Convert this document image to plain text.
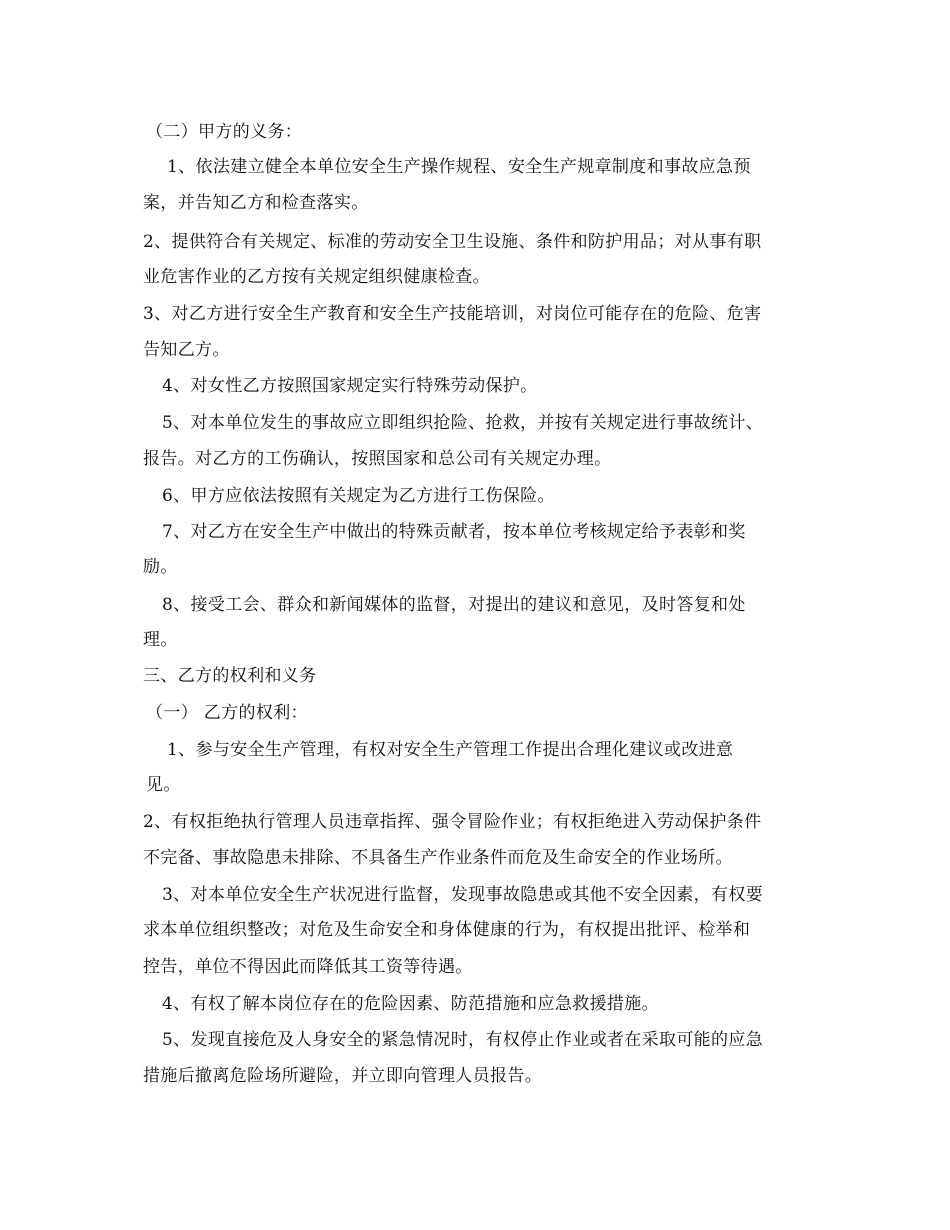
（二）甲方的义务：
1、依法建立健全本单位安全生产操作规程、安全生产规章制度和事故应急预
案，并告知乙方和检查落实。
2、提供符合有关规定、标准的劳动安全卫生设施、条件和防护用品；对从事有职
业危害作业的乙方按有关规定组织健康检查。
3、对乙方进行安全生产教育和安全生产技能培训，对岗位可能存在的危险、危害
告知乙方。
4、对女性乙方按照国家规定实行特殊劳动保护。
5、对本单位发生的事故应立即组织抢险、抢救，并按有关规定进行事故统计、
报告。对乙方的工伤确认，按照国家和总公司有关规定办理。
6、甲方应依法按照有关规定为乙方进行工伤保险。
7、对乙方在安全生产中做出的特殊贡献者，按本单位考核规定给予表彰和奖
励。
8、接受工会、群众和新闻媒体的监督，对提出的建议和意见，及时答复和处
理。
三、乙方的权利和义务
（一） 乙方的权利：
1、参与安全生产管理，有权对安全生产管理工作提出合理化建议或改进意
见。
2、有权拒绝执行管理人员违章指挥、强令冒险作业；有权拒绝进入劳动保护条件
不完备、事故隐患未排除、不具备生产作业条件而危及生命安全的作业场所。
3、对本单位安全生产状况进行监督，发现事故隐患或其他不安全因素，有权要
求本单位组织整改；对危及生命安全和身体健康的行为，有权提出批评、检举和
控告，单位不得因此而降低其工资等待遇。
4、有权了解本岗位存在的危险因素、防范措施和应急救援措施。
5、发现直接危及人身安全的紧急情况时，有权停止作业或者在采取可能的应急
措施后撤离危险场所避险，并立即向管理人员报告。
